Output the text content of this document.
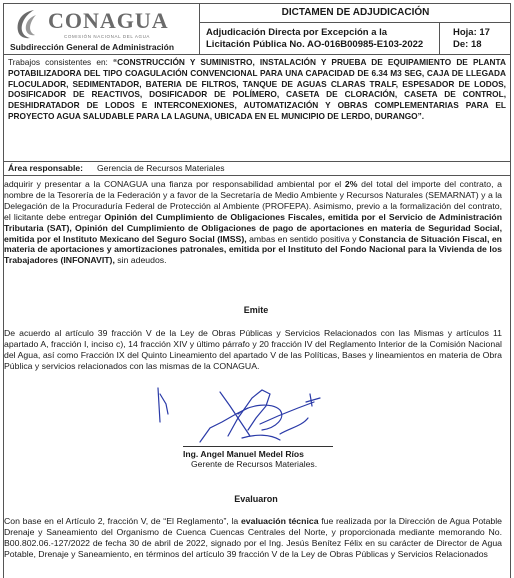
CONAGUA
COMISIÓN NACIONAL DEL AGUA
Subdirección General de Administración
DICTAMEN DE ADJUDICACIÓN
Adjudicación Directa por Excepción a la
Licitación Pública No. AO-016B00985-E103-2022
Hoja: 17
De: 18
Trabajos consistentes en: “CONSTRUCCIÓN Y SUMINISTRO, INSTALACIÓN Y PRUEBA DE EQUIPAMIENTO DE PLANTA POTABILIZADORA DEL TIPO COAGULACIÓN CONVENCIONAL PARA UNA CAPACIDAD DE 6.34 M3 SEG, CAJA DE LLEGADA FLOCULADOR, SEDIMENTADOR, BATERIA DE FILTROS, TANQUE DE AGUAS CLARAS TRALF, ESPESADOR DE LODOS, DOSIFICADOR DE REACTIVOS, DOSIFICADOR DE POLÍMERO, CASETA DE CLORACIÓN, CASETA DE CONTROL, DESHIDRATADOR DE LODOS E INTERCONEXIONES, AUTOMATIZACIÓN Y OBRAS COMPLEMENTARIAS PARA EL PROYECTO AGUA SALUDABLE PARA LA LAGUNA, UBICADA EN EL MUNICIPIO DE LERDO, DURANGO”.
Área responsable: Gerencia de Recursos Materiales
adquirir y presentar a la CONAGUA una fianza por responsabilidad ambiental por el 2% del total del importe del contrato, a nombre de la Tesorería de la Federación y a favor de la Secretaría de Medio Ambiente y Recursos Naturales (SEMARNAT) y a la Delegación de la Procuraduría Federal de Protección al Ambiente (PROFEPA). Asimismo, previo a la formalización del contrato, el licitante debe entregar Opinión del Cumplimiento de Obligaciones Fiscales, emitida por el Servicio de Administración Tributaria (SAT), Opinión del Cumplimiento de Obligaciones de pago de aportaciones en materia de Seguridad Social, emitida por el Instituto Mexicano del Seguro Social (IMSS), ambas en sentido positiva y Constancia de Situación Fiscal, en materia de aportaciones y amortizaciones patronales, emitida por el Instituto del Fondo Nacional para la Vivienda de los Trabajadores (INFONAVIT), sin adeudos.
Emite
De acuerdo al artículo 39 fracción V de la Ley de Obras Públicas y Servicios Relacionados con las Mismas y artículos 11 apartado A, fracción I, inciso c), 14 fracción XIV y último párrafo y 20 fracción IV del Reglamento Interior de la Comisión Nacional del Agua, así como Fracción IX del Quinto Lineamiento del apartado V de las Políticas, Bases y lineamientos en materia de Obra Pública y servicios relacionados con las mismas de la CONAGUA.
Ing. Angel Manuel Medel Ríos
Gerente de Recursos Materiales.
Evaluaron
Con base en el Artículo 2, fracción V, de “El Reglamento”, la evaluación técnica fue realizada por la Dirección de Agua Potable Drenaje y Saneamiento del Organismo de Cuenca Cuencas Centrales del Norte, y proporcionada mediante memorando No. B00.802.06.-127/2022 de fecha 30 de abril de 2022, signado por el Ing. Jesús Benítez Félix en su carácter de Director de Agua Potable, Drenaje y Saneamiento, en términos del artículo 39 fracción V de la Ley de Obras Públicas y Servicios Relacionados
